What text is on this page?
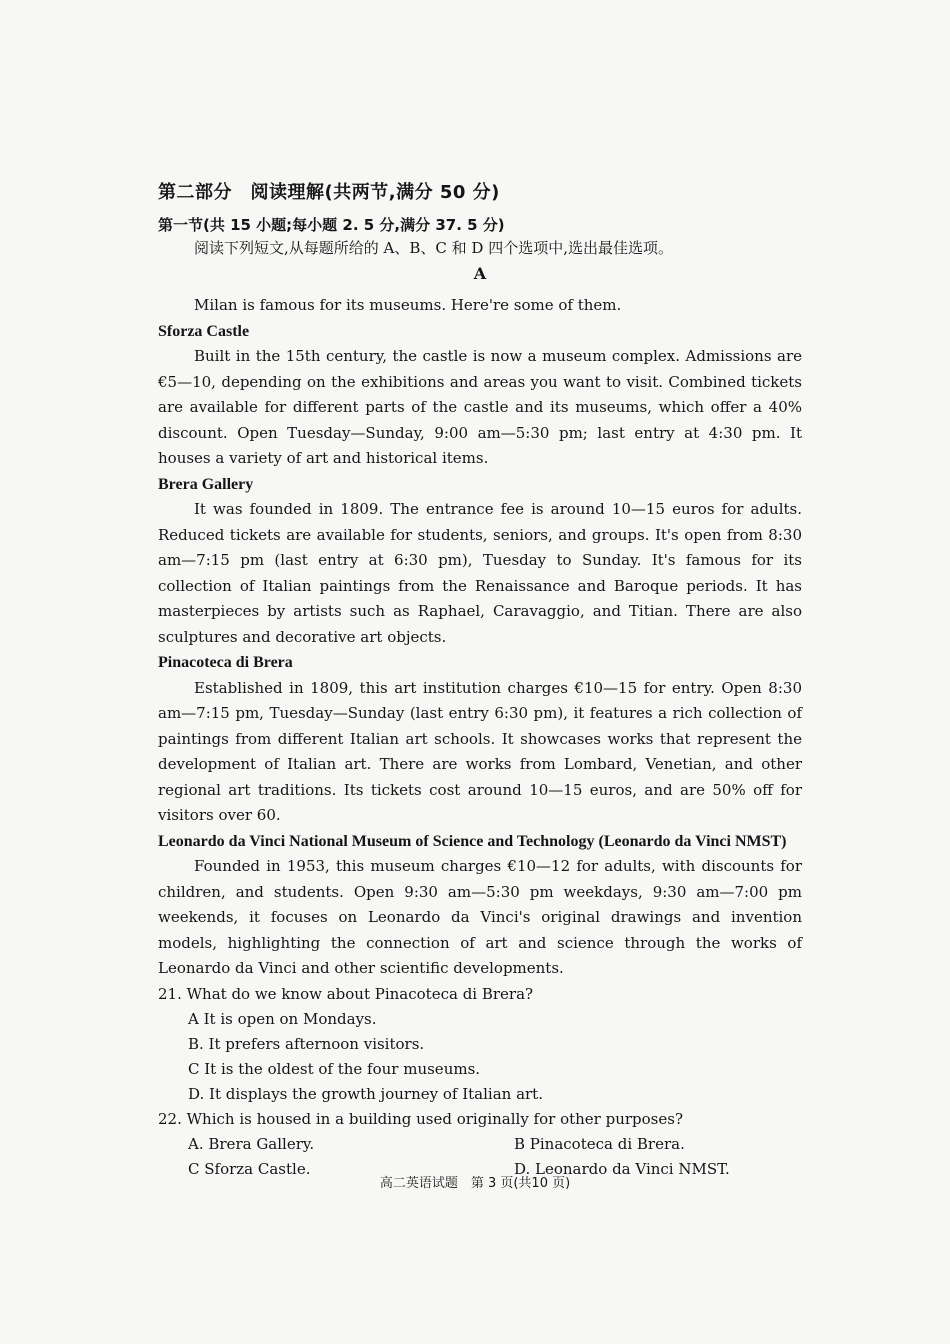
第二部分　阅读理解(共两节,满分 50 分)
第一节(共 15 小题;每小题 2. 5 分,满分 37. 5 分)
阅读下列短文,从每题所给的 A、B、C 和 D 四个选项中,选出最佳选项。
A

Milan is famous for its museums. Here're some of them.

Sforza Castle

Built in the 15th century, the castle is now a museum complex. Admissions are €5—10, depending on the exhibitions and areas you want to visit. Combined tickets are available for different parts of the castle and its museums, which offer a 40% discount. Open Tuesday—Sunday, 9:00 am—5:30 pm; last entry at 4:30 pm. It houses a variety of art and historical items.

Brera Gallery

It was founded in 1809. The entrance fee is around 10—15 euros for adults. Reduced tickets are available for students, seniors, and groups. It's open from 8:30 am—7:15 pm (last entry at 6:30 pm), Tuesday to Sunday. It's famous for its collection of Italian paintings from the Renaissance and Baroque periods. It has masterpieces by artists such as Raphael, Caravaggio, and Titian. There are also sculptures and decorative art objects.

Pinacoteca di Brera

Established in 1809, this art institution charges €10—15 for entry. Open 8:30 am—7:15 pm, Tuesday—Sunday (last entry 6:30 pm), it features a rich collection of paintings from different Italian art schools. It showcases works that represent the development of Italian art. There are works from Lombard, Venetian, and other regional art traditions. Its tickets cost around 10—15 euros, and are 50% off for visitors over 60.

Leonardo da Vinci National Museum of Science and Technology (Leonardo da Vinci NMST)

Founded in 1953, this museum charges €10—12 for adults, with discounts for children, and students. Open 9:30 am—5:30 pm weekdays, 9:30 am—7:00 pm weekends, it focuses on Leonardo da Vinci's original drawings and invention models, highlighting the connection of art and science through the works of Leonardo da Vinci and other scientific developments.

21. What do we know about Pinacoteca di Brera?

A It is open on Mondays.

B. It prefers afternoon visitors.

C It is the oldest of the four museums.

D. It displays the growth journey of Italian art.

22. Which is housed in a building used originally for other purposes?

A. Brera Gallery.	B Pinacoteca di Brera.

C Sforza Castle.	D. Leonardo da Vinci NMST.

高二英语试题　第 3 页(共10 页)
